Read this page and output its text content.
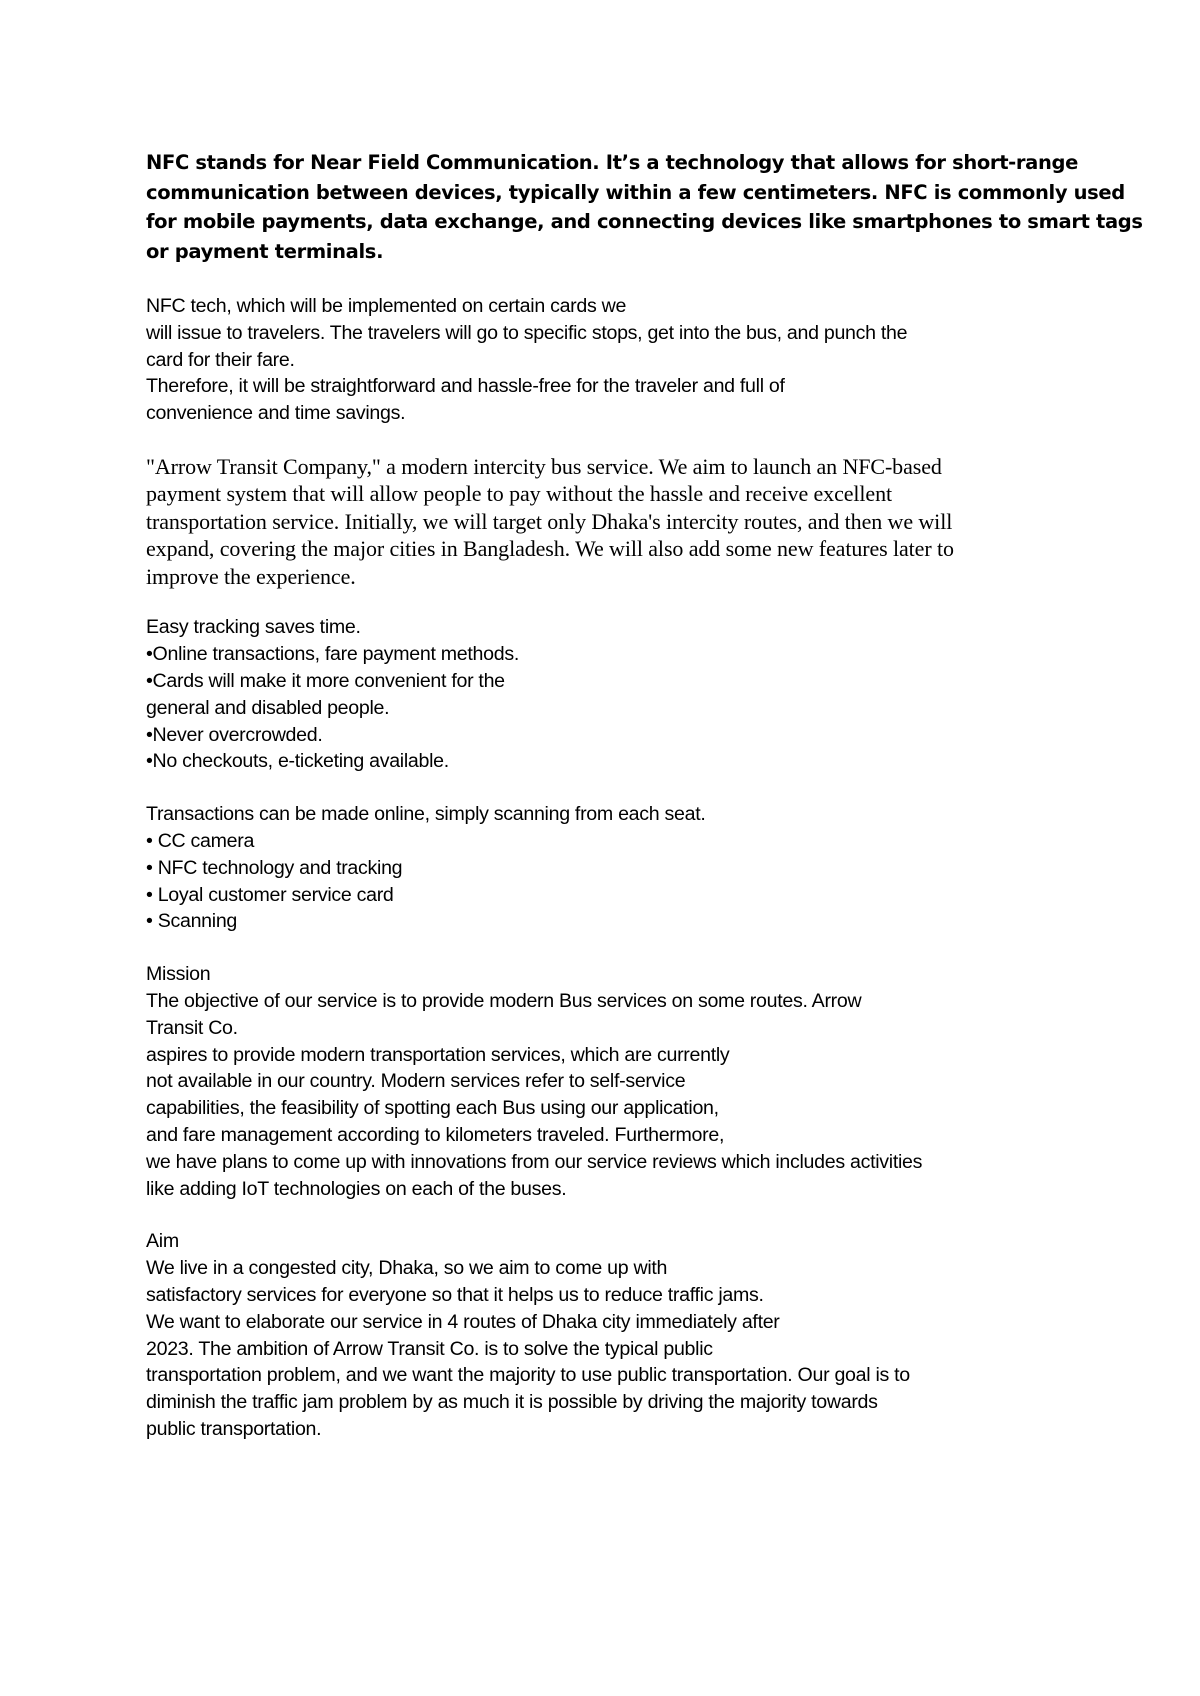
NFC stands for Near Field Communication. It’s a technology that allows for short-range
communication between devices, typically within a few centimeters. NFC is commonly used
for mobile payments, data exchange, and connecting devices like smartphones to smart tags
or payment terminals.

NFC tech, which will be implemented on certain cards we
will issue to travelers. The travelers will go to specific stops, get into the bus, and punch the
card for their fare.
Therefore, it will be straightforward and hassle-free for the traveler and full of
convenience and time savings.

"Arrow Transit Company," a modern intercity bus service. We aim to launch an NFC-based
payment system that will allow people to pay without the hassle and receive excellent
transportation service. Initially, we will target only Dhaka's intercity routes, and then we will
expand, covering the major cities in Bangladesh. We will also add some new features later to
improve the experience.

Easy tracking saves time.
•Online transactions, fare payment methods.
•Cards will make it more convenient for the
general and disabled people.
•Never overcrowded.
•No checkouts, e-ticketing available.

Transactions can be made online, simply scanning from each seat.
• CC camera
• NFC technology and tracking
• Loyal customer service card
• Scanning

Mission
The objective of our service is to provide modern Bus services on some routes. Arrow
Transit Co.
aspires to provide modern transportation services, which are currently
not available in our country. Modern services refer to self-service
capabilities, the feasibility of spotting each Bus using our application,
and fare management according to kilometers traveled. Furthermore,
we have plans to come up with innovations from our service reviews which includes activities
like adding IoT technologies on each of the buses.

Aim
We live in a congested city, Dhaka, so we aim to come up with
satisfactory services for everyone so that it helps us to reduce traffic jams.
We want to elaborate our service in 4 routes of Dhaka city immediately after
2023. The ambition of Arrow Transit Co. is to solve the typical public
transportation problem, and we want the majority to use public transportation. Our goal is to
diminish the traffic jam problem by as much it is possible by driving the majority towards
public transportation.
